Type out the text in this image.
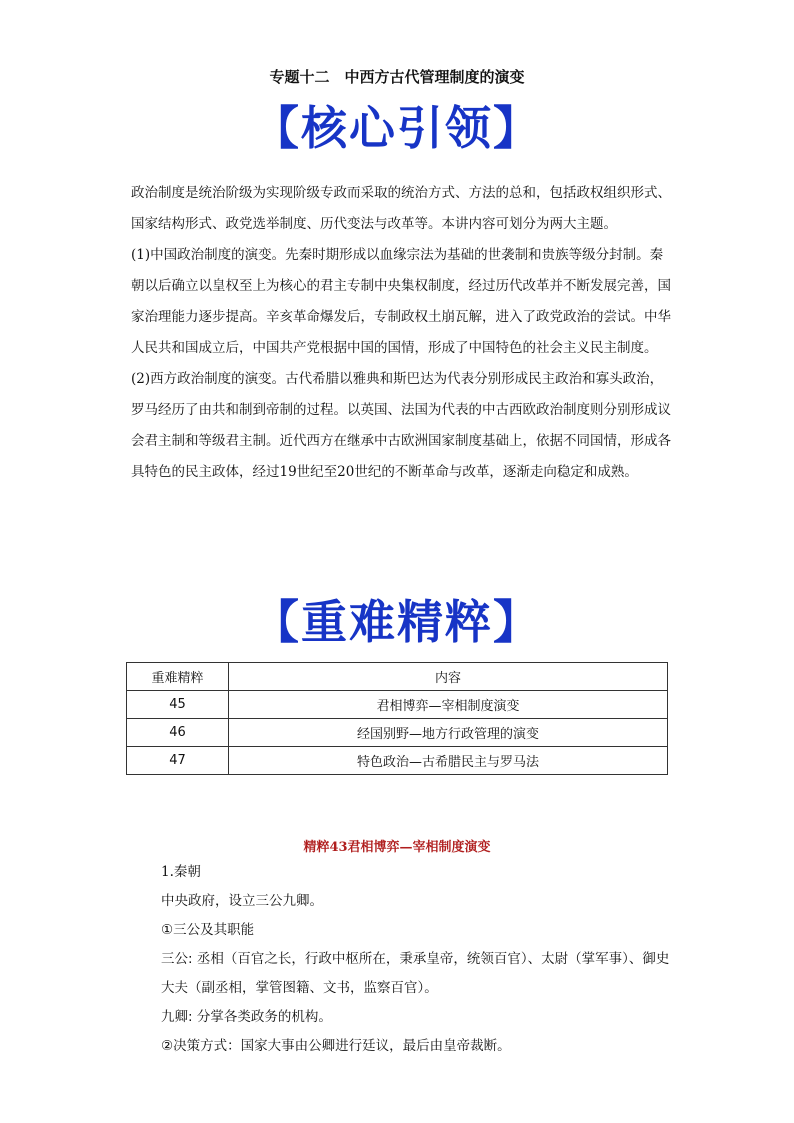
专题十二　中西方古代管理制度的演变
【核心引领】

政治制度是统治阶级为实现阶级专政而采取的统治方式、方法的总和，包括政权组织形式、国家结构形式、政党选举制度、历代变法与改革等。本讲内容可划分为两大主题。

(1)中国政治制度的演变。先秦时期形成以血缘宗法为基础的世袭制和贵族等级分封制。秦朝以后确立以皇权至上为核心的君主专制中央集权制度，经过历代改革并不断发展完善，国家治理能力逐步提高。辛亥革命爆发后，专制政权土崩瓦解，进入了政党政治的尝试。中华人民共和国成立后，中国共产党根据中国的国情，形成了中国特色的社会主义民主制度。

(2)西方政治制度的演变。古代希腊以雅典和斯巴达为代表分别形成民主政治和寡头政治，罗马经历了由共和制到帝制的过程。以英国、法国为代表的中古西欧政治制度则分别形成议会君主制和等级君主制。近代西方在继承中古欧洲国家制度基础上，依据不同国情，形成各具特色的民主政体，经过19世纪至20世纪的不断革命与改革，逐渐走向稳定和成熟。

【重难精粹】
重难精粹	内容
45	君相博弈—宰相制度演变
46	经国别野—地方行政管理的演变
47	特色政治—古希腊民主与罗马法
精粹43君相博弈—宰相制度演变

1.秦朝

中央政府，设立三公九卿。

①三公及其职能

三公: 丞相（百官之长，行政中枢所在，秉承皇帝，统领百官）、太尉（掌军事）、御史大夫（副丞相，掌管图籍、文书，监察百官）。

九卿: 分掌各类政务的机构。

②决策方式：国家大事由公卿进行廷议，最后由皇帝裁断。
